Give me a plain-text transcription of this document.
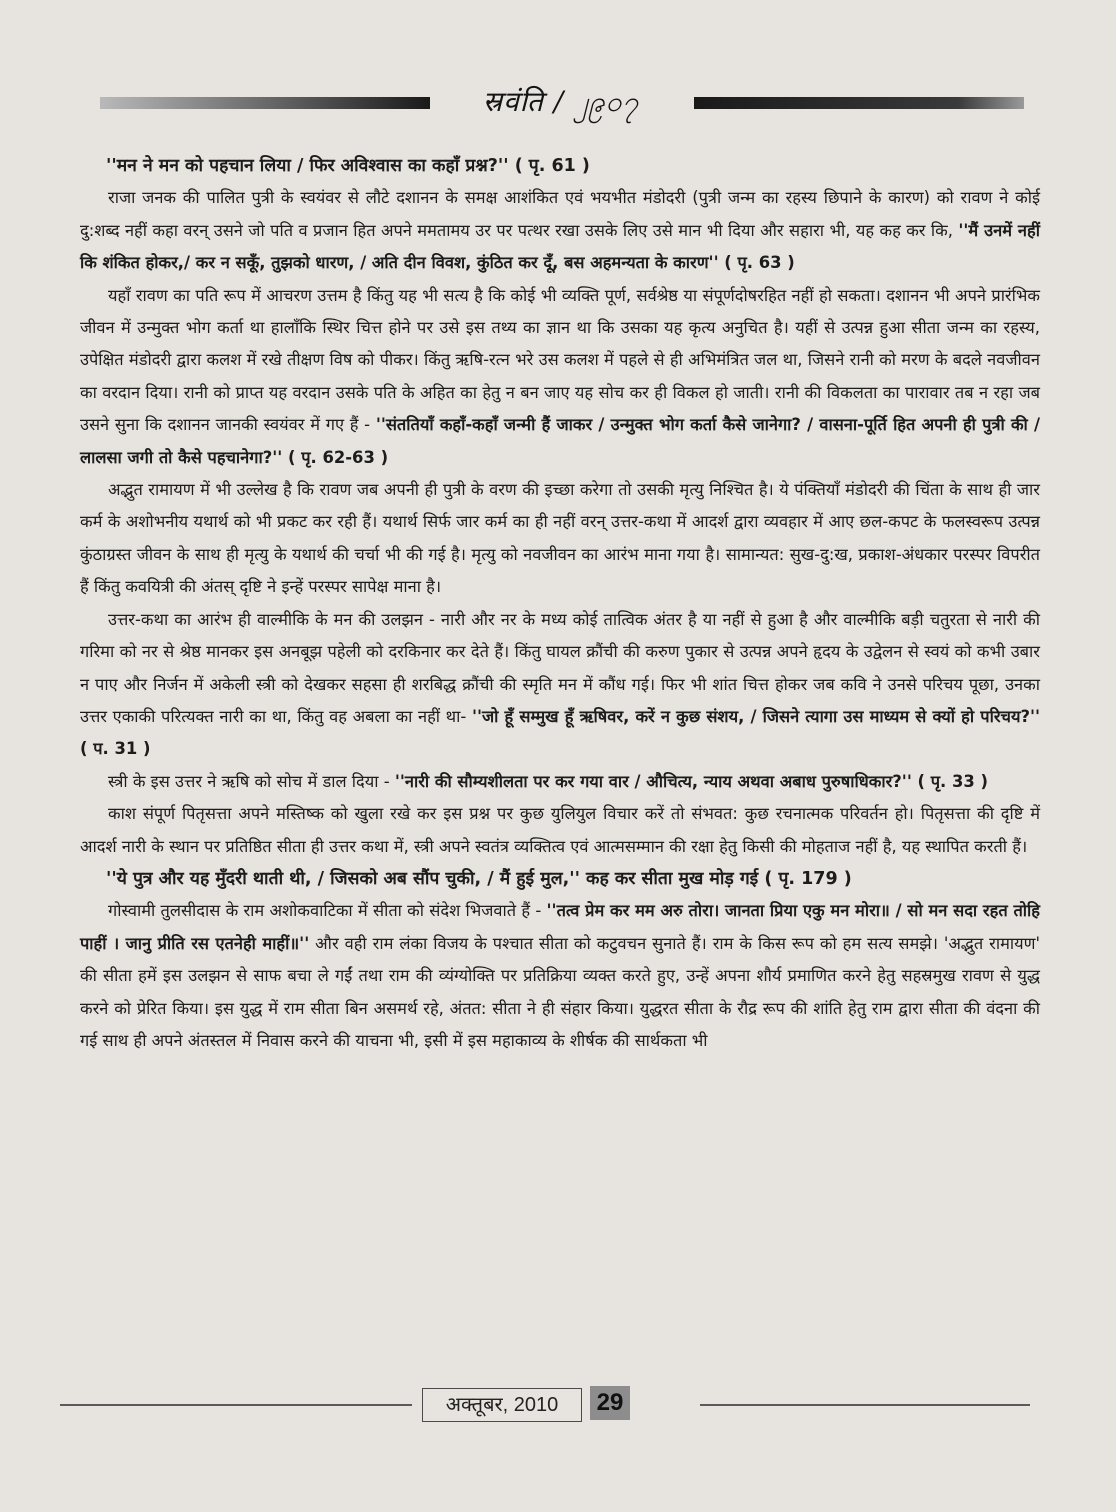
स्रवंति / ၂၉၀၇

''मन ने मन को पहचान लिया / फिर अविश्वास का कहाँ प्रश्न?'' ( पृ. 61 )

राजा जनक की पालित पुत्री के स्वयंवर से लौटे दशानन के समक्ष आशंकित एवं भयभीत मंडोदरी (पुत्री जन्म का रहस्य छिपाने के कारण) को रावण ने कोई दु:शब्द नहीं कहा वरन् उसने जो पति व प्रजान हित अपने ममतामय उर पर पत्थर रखा उसके लिए उसे मान भी दिया और सहारा भी, यह कह कर कि, ''मैं उनमें नहीं कि शंकित होकर,/ कर न सकूँ, तुझको धारण, / अति दीन विवश, कुंठित कर दूँ, बस अहमन्यता के कारण'' ( पृ. 63 )

यहाँ रावण का पति रूप में आचरण उत्तम है किंतु यह भी सत्य है कि कोई भी व्यक्ति पूर्ण, सर्वश्रेष्ठ या संपूर्णदोषरहित नहीं हो सकता। दशानन भी अपने प्रारंभिक जीवन में उन्मुक्त भोग कर्ता था हालाँकि स्थिर चित्त होने पर उसे इस तथ्य का ज्ञान था कि उसका यह कृत्य अनुचित है। यहीं से उत्पन्न हुआ सीता जन्म का रहस्य, उपेक्षित मंडोदरी द्वारा कलश में रखे तीक्षण विष को पीकर। किंतु ऋषि-रत्न भरे उस कलश में पहले से ही अभिमंत्रित जल था, जिसने रानी को मरण के बदले नवजीवन का वरदान दिया। रानी को प्राप्त यह वरदान उसके पति के अहित का हेतु न बन जाए यह सोच कर ही विकल हो जाती। रानी की विकलता का पारावार तब न रहा जब उसने सुना कि दशानन जानकी स्वयंवर में गए हैं - ''संततियाँ कहाँ-कहाँ जन्मी हैं जाकर / उन्मुक्त भोग कर्ता कैसे जानेगा? / वासना-पूर्ति हित अपनी ही पुत्री की / लालसा जगी तो कैसे पहचानेगा?'' ( पृ. 62-63 )

अद्भुत रामायण में भी उल्लेख है कि रावण जब अपनी ही पुत्री के वरण की इच्छा करेगा तो उसकी मृत्यु निश्चित है। ये पंक्तियाँ मंडोदरी की चिंता के साथ ही जार कर्म के अशोभनीय यथार्थ को भी प्रकट कर रही हैं। यथार्थ सिर्फ जार कर्म का ही नहीं वरन् उत्तर-कथा में आदर्श द्वारा व्यवहार में आए छल-कपट के फलस्वरूप उत्पन्न कुंठाग्रस्त जीवन के साथ ही मृत्यु के यथार्थ की चर्चा भी की गई है। मृत्यु को नवजीवन का आरंभ माना गया है। सामान्यत: सुख-दु:ख, प्रकाश-अंधकार परस्पर विपरीत हैं किंतु कवयित्री की अंतस् दृष्टि ने इन्हें परस्पर सापेक्ष माना है।

उत्तर-कथा का आरंभ ही वाल्मीकि के मन की उलझन - नारी और नर के मध्य कोई तात्विक अंतर है या नहीं से हुआ है और वाल्मीकि बड़ी चतुरता से नारी की गरिमा को नर से श्रेष्ठ मानकर इस अनबूझ पहेली को दरकिनार कर देते हैं। किंतु घायल क्रौंची की करुण पुकार से उत्पन्न अपने हृदय के उद्वेलन से स्वयं को कभी उबार न पाए और निर्जन में अकेली स्त्री को देखकर सहसा ही शरबिद्ध क्रौंची की स्मृति मन में कौंध गई। फिर भी शांत चित्त होकर जब कवि ने उनसे परिचय पूछा, उनका उत्तर एकाकी परित्यक्त नारी का था, किंतु वह अबला का नहीं था- ''जो हूँ सम्मुख हूँ ऋषिवर, करें न कुछ संशय, / जिसने त्यागा उस माध्यम से क्यों हो परिचय?'' ( प. 31 )

स्त्री के इस उत्तर ने ऋषि को सोच में डाल दिया - ''नारी की सौम्यशीलता पर कर गया वार / औचित्य, न्याय अथवा अबाध पुरुषाधिकार?'' ( पृ. 33 )

काश संपूर्ण पितृसत्ता अपने मस्तिष्क को खुला रखे कर इस प्रश्न पर कुछ युलियुल विचार करें तो संभवत: कुछ रचनात्मक परिवर्तन हो। पितृसत्ता की दृष्टि में आदर्श नारी के स्थान पर प्रतिष्ठित सीता ही उत्तर कथा में, स्त्री अपने स्वतंत्र व्यक्तित्व एवं आत्मसम्मान की रक्षा हेतु किसी की मोहताज नहीं है, यह स्थापित करती हैं।

''ये पुत्र और यह मुँदरी थाती थी, / जिसको अब सौंप चुकी, / मैं हुई मुल,'' कह कर सीता मुख मोड़ गई ( पृ. 179 )

गोस्वामी तुलसीदास के राम अशोकवाटिका में सीता को संदेश भिजवाते हैं - ''तत्व प्रेम कर मम अरु तोरा। जानता प्रिया एकु मन मोरा॥ / सो मन सदा रहत तोहि पाहीं । जानु प्रीति रस एतनेही माहीं॥'' और वही राम लंका विजय के पश्चात सीता को कटुवचन सुनाते हैं। राम के किस रूप को हम सत्य समझे। 'अद्भुत रामायण' की सीता हमें इस उलझन से साफ बचा ले गईं तथा राम की व्यंग्योक्ति पर प्रतिक्रिया व्यक्त करते हुए, उन्हें अपना शौर्य प्रमाणित करने हेतु सहस्रमुख रावण से युद्ध करने को प्रेरित किया। इस युद्ध में राम सीता बिन असमर्थ रहे, अंतत: सीता ने ही संहार किया। युद्धरत सीता के रौद्र रूप की शांति हेतु राम द्वारा सीता की वंदना की गई साथ ही अपने अंतस्तल में निवास करने की याचना भी, इसी में इस महाकाव्य के शीर्षक की सार्थकता भी

अक्तूबर, 2010	29
